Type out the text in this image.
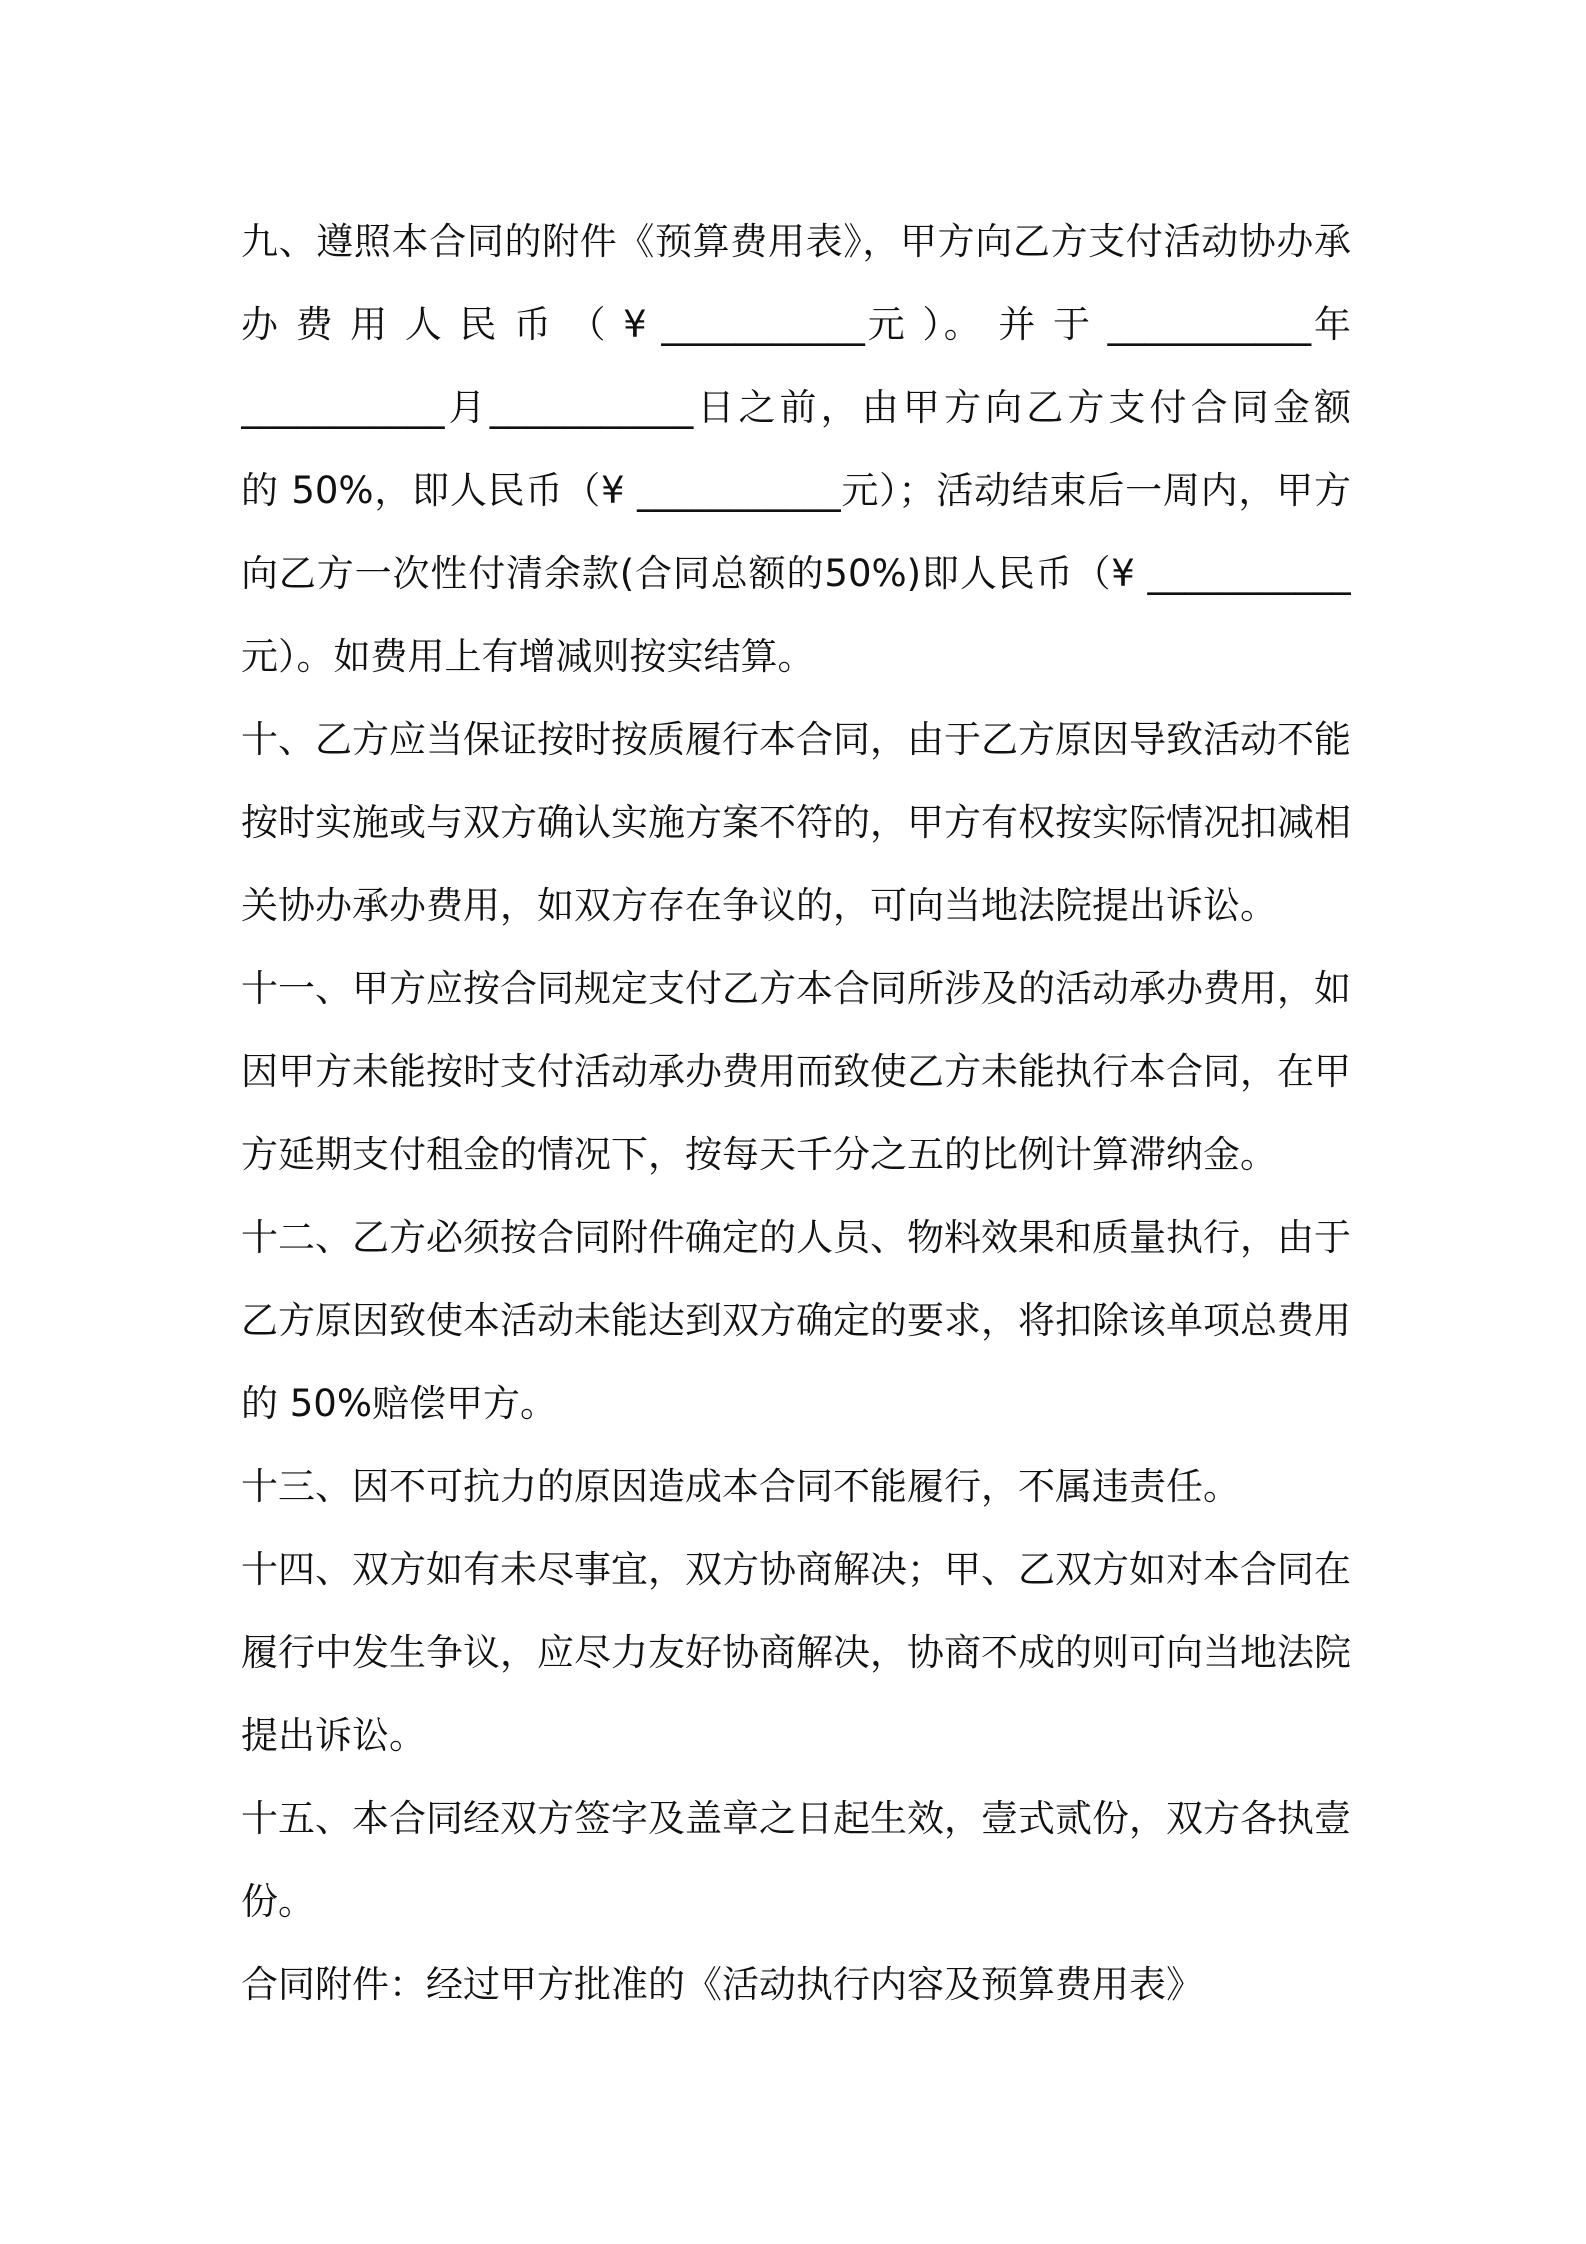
九、遵照本合同的附件《预算费用表》，甲方向乙方支付活动协办承
办 费 用 人 民 币 （ ¥ ___________元 ）。 并 于 ___________年
___________月___________日之前，由甲方向乙方支付合同金额
的 50%，即人民币（¥ ___________元）；活动结束后一周内，甲方
向乙方一次性付清余款(合同总额的50%)即人民币（¥ ___________
元）。如费用上有增减则按实结算。
十、乙方应当保证按时按质履行本合同，由于乙方原因导致活动不能
按时实施或与双方确认实施方案不符的，甲方有权按实际情况扣减相
关协办承办费用，如双方存在争议的，可向当地法院提出诉讼。
十一、甲方应按合同规定支付乙方本合同所涉及的活动承办费用，如
因甲方未能按时支付活动承办费用而致使乙方未能执行本合同，在甲
方延期支付租金的情况下，按每天千分之五的比例计算滞纳金。
十二、乙方必须按合同附件确定的人员、物料效果和质量执行，由于
乙方原因致使本活动未能达到双方确定的要求，将扣除该单项总费用
的 50%赔偿甲方。
十三、因不可抗力的原因造成本合同不能履行，不属违责任。
十四、双方如有未尽事宜，双方协商解决；甲、乙双方如对本合同在
履行中发生争议，应尽力友好协商解决，协商不成的则可向当地法院
提出诉讼。
十五、本合同经双方签字及盖章之日起生效，壹式贰份，双方各执壹
份。
合同附件：经过甲方批准的《活动执行内容及预算费用表》
